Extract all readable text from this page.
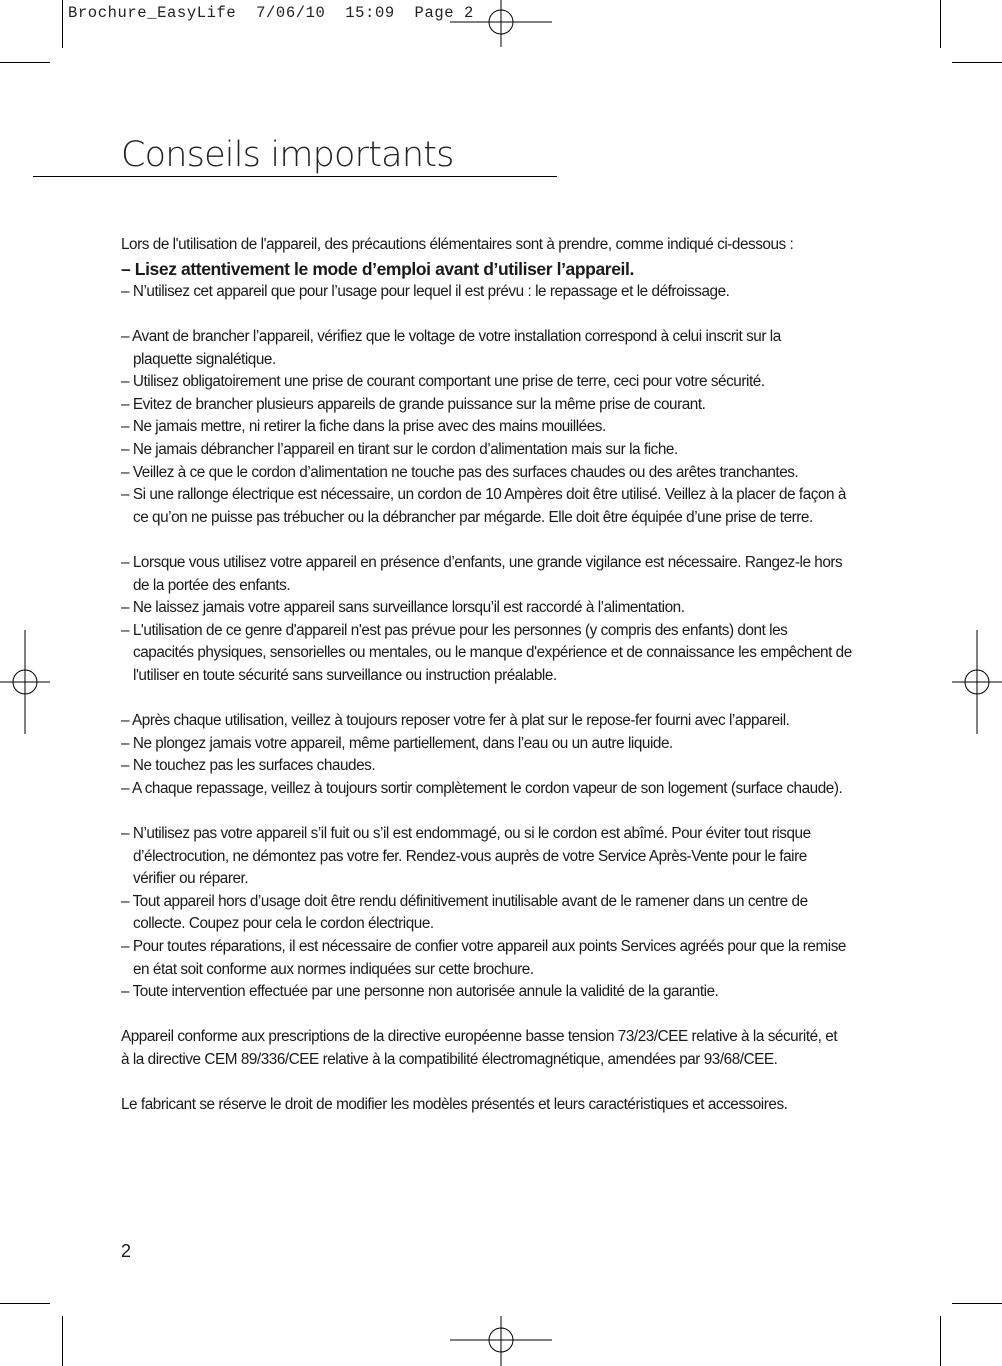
Brochure_EasyLife  7/06/10  15:09  Page 2
Conseils importants
Lors de l'utilisation de l'appareil, des précautions élémentaires sont à prendre, comme indiqué ci-dessous :
– Lisez attentivement le mode d’emploi avant d’utiliser l’appareil.
– N’utilisez cet appareil que pour l’usage pour lequel il est prévu : le repassage et le défroissage.
– Avant de brancher l’appareil, vérifiez que le voltage de votre installation correspond à celui inscrit sur la
plaquette signalétique.
– Utilisez obligatoirement une prise de courant comportant une prise de terre, ceci pour votre sécurité.
– Evitez de brancher plusieurs appareils de grande puissance sur la même prise de courant.
– Ne jamais mettre, ni retirer la fiche dans la prise avec des mains mouillées.
– Ne jamais débrancher l’appareil en tirant sur le cordon d’alimentation mais sur la fiche.
– Veillez à ce que le cordon d’alimentation ne touche pas des surfaces chaudes ou des arêtes tranchantes.
– Si une rallonge électrique est nécessaire, un cordon de 10 Ampères doit être utilisé. Veillez à la placer de façon à
ce qu’on ne puisse pas trébucher ou la débrancher par mégarde. Elle doit être équipée d’une prise de terre.
– Lorsque vous utilisez votre appareil en présence d’enfants, une grande vigilance est nécessaire. Rangez-le hors
de la portée des enfants.
– Ne laissez jamais votre appareil sans surveillance lorsqu’il est raccordé à l’alimentation.
– L'utilisation de ce genre d'appareil n'est pas prévue pour les personnes (y compris des enfants) dont les
capacités physiques, sensorielles ou mentales, ou le manque d'expérience et de connaissance les empêchent de
l'utiliser en toute sécurité sans surveillance ou instruction préalable.
– Après chaque utilisation, veillez à toujours reposer votre fer à plat sur le repose-fer fourni avec l’appareil.
– Ne plongez jamais votre appareil, même partiellement, dans l’eau ou un autre liquide.
– Ne touchez pas les surfaces chaudes.
– A chaque repassage, veillez à toujours sortir complètement le cordon vapeur de son logement (surface chaude).
– N’utilisez pas votre appareil s’il fuit ou s’il est endommagé, ou si le cordon est abîmé. Pour éviter tout risque
d’électrocution, ne démontez pas votre fer. Rendez-vous auprès de votre Service Après-Vente pour le faire
vérifier ou réparer.
– Tout appareil hors d’usage doit être rendu définitivement inutilisable avant de le ramener dans un centre de
collecte. Coupez pour cela le cordon électrique.
– Pour toutes réparations, il est nécessaire de confier votre appareil aux points Services agréés pour que la remise
en état soit conforme aux normes indiquées sur cette brochure.
– Toute intervention effectuée par une personne non autorisée annule la validité de la garantie.
Appareil conforme aux prescriptions de la directive européenne basse tension 73/23/CEE relative à la sécurité, et
à la directive CEM 89/336/CEE relative à la compatibilité électromagnétique, amendées par 93/68/CEE.
Le fabricant se réserve le droit de modifier les modèles présentés et leurs caractéristiques et accessoires.
2
